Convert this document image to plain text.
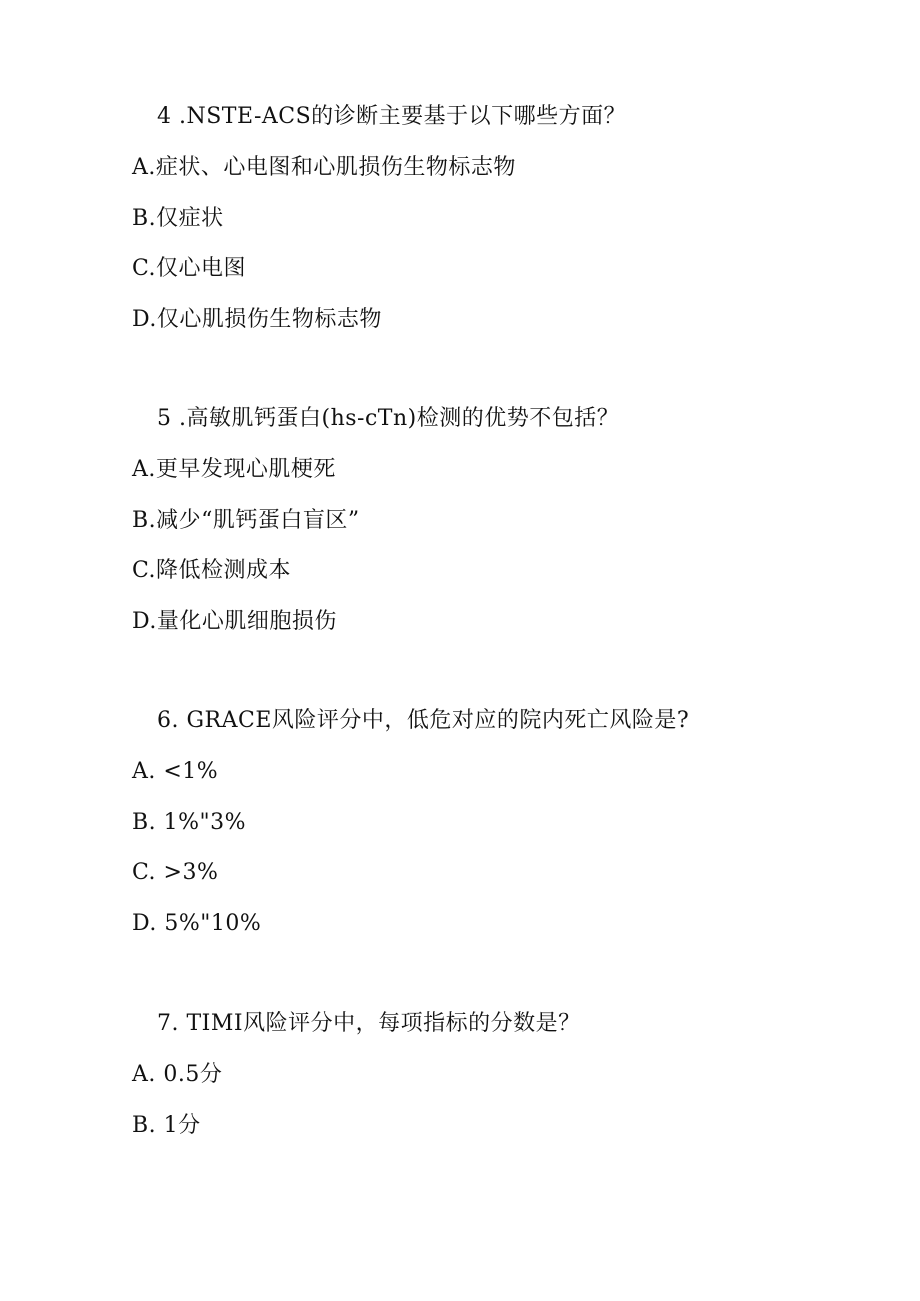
4 .NSTE-ACS的诊断主要基于以下哪些方面？
A.症状、心电图和心肌损伤生物标志物
B.仅症状
C.仅心电图
D.仅心肌损伤生物标志物
5 .高敏肌钙蛋白(hs-cTn)检测的优势不包括？
A.更早发现心肌梗死
B.减少“肌钙蛋白盲区”
C.降低检测成本
D.量化心肌细胞损伤
6. GRACE风险评分中，低危对应的院内死亡风险是?
A. <1%
B. 1%"3%
C. >3%
D. 5%"10%
7. TIMI风险评分中，每项指标的分数是？
A. 0.5分
B. 1分
